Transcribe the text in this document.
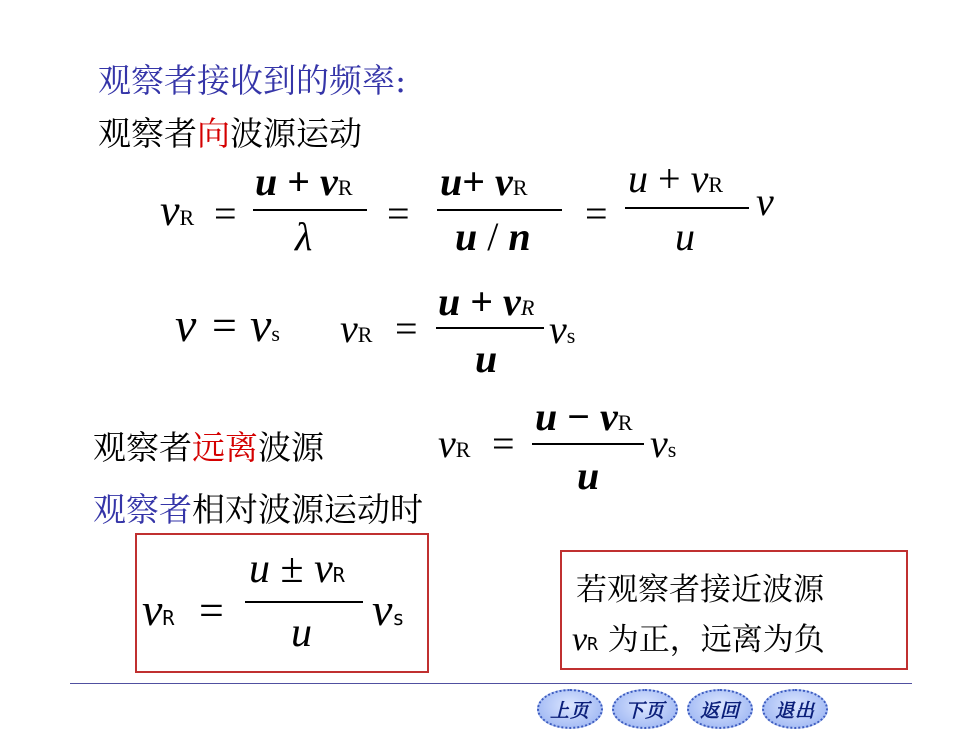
观察者接收到的频率:
观察者向波源运动
νR =
u + vR
λ
=
u+ vR
u / n
=
u + νR
u
ν
ν = νs νR =
u + vR
u
νs
观察者远离波源	νR =
u − vR
u
νs
观察者相对波源运动时
νR =
u ± νR
u νs
若观察者接近波源
νR 为正，远离为负
上页 下页 返回 退出
